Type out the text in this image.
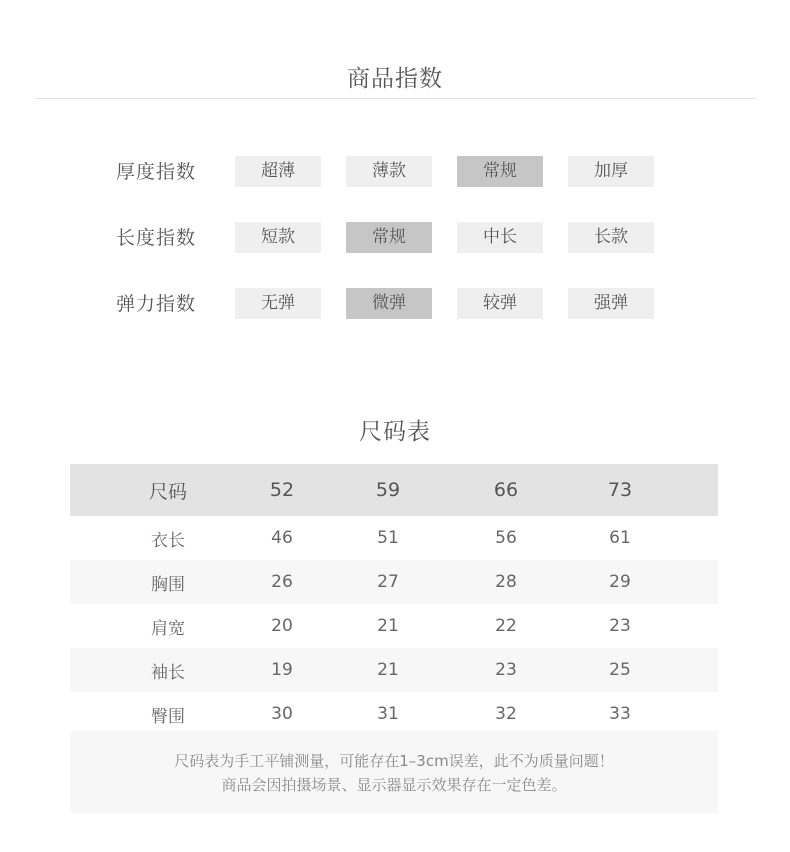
商品指数
厚度指数	超薄	薄款	常规	加厚
长度指数	短款	常规	中长	长款
弹力指数	无弹	微弹	较弹	强弹
尺码表
尺码	52	59	66	73
衣长	46	51	56	61
胸围	26	27	28	29
肩宽	20	21	22	23
袖长	19	21	23	25
臀围	30	31	32	33
尺码表为手工平铺测量，可能存在1–3cm误差，此不为质量问题！
商品会因拍摄场景、显示器显示效果存在一定色差。
